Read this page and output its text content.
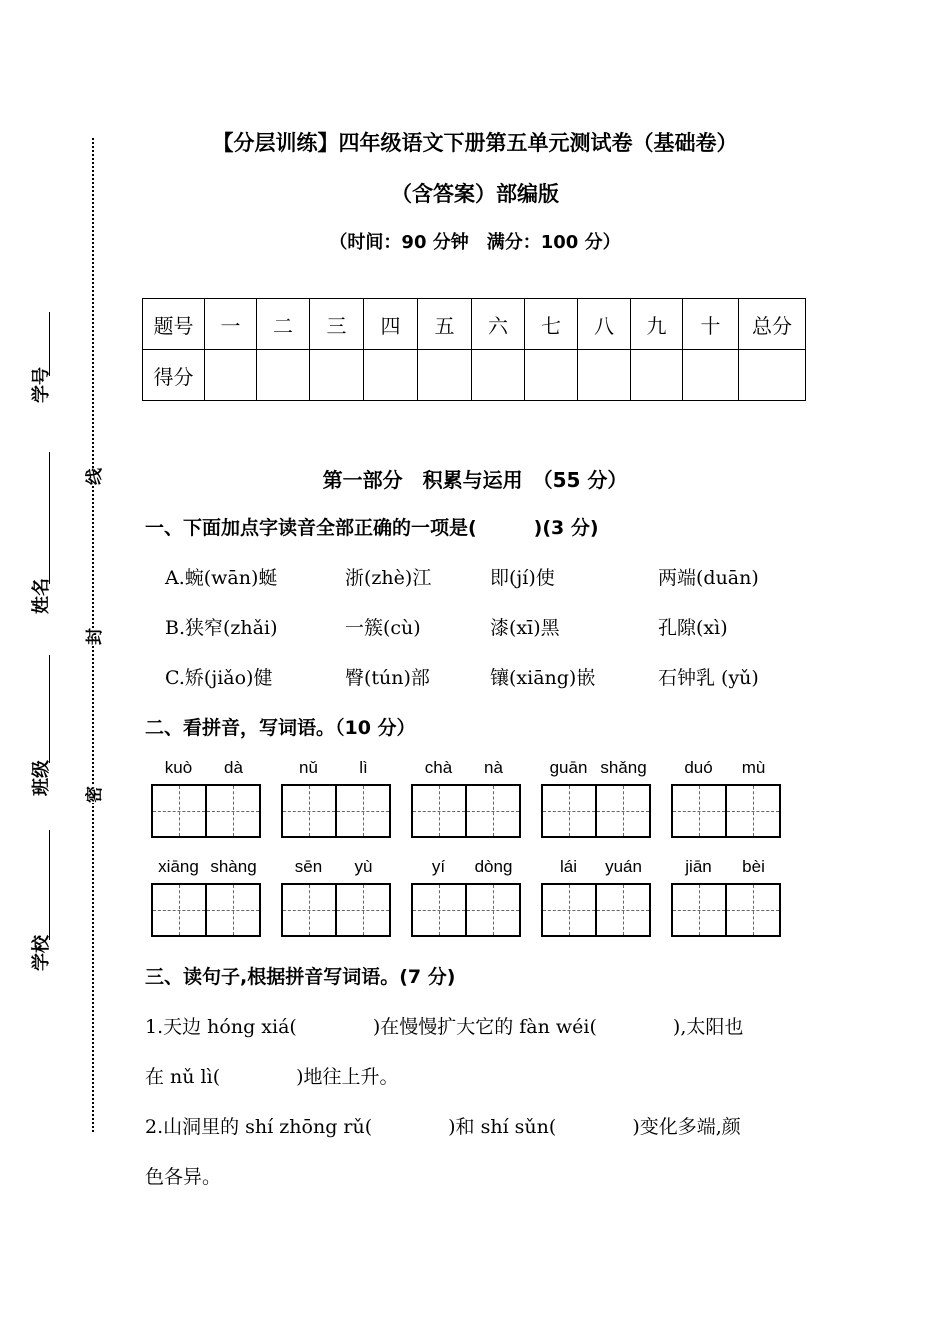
学号
姓名
班级
学校
线
封
密
【分层训练】四年级语文下册第五单元测试卷（基础卷）
（含答案）部编版
（时间：90 分钟　满分：100 分）
题号	一	二	三	四	五	六	七	八	九	十	总分
得分											
第一部分　积累与运用　（55 分）
一、下面加点字读音全部正确的一项是(　　　)(3 分)
A.蜿(wān)蜒	浙(zhè)江	即(jí)使	两端(duān)
B.狭窄(zhǎi)	一簇(cù)	漆(xī)黑	孔隙(xì)
C.矫(jiǎo)健	臀(tún)部	镶(xiāng)嵌	石钟乳 (yǔ)
二、看拼音，写词语。（10 分）
kuò	dà	nǔ	lì	chà	nà	guān shǎng	duó	mù
xiāng shàng	sēn	yù	yí	dòng	lái	yuán	jiān	bèi
三、读句子,根据拼音写词语。(7 分)
1.天边 hóng xiá(　　　　)在慢慢扩大它的 fàn wéi(　　　　),太阳也
在 nǔ lì(　　　　)地往上升。
2.山洞里的 shí zhōng rǔ(　　　　)和 shí sǔn(　　　　)变化多端,颜
色各异。
